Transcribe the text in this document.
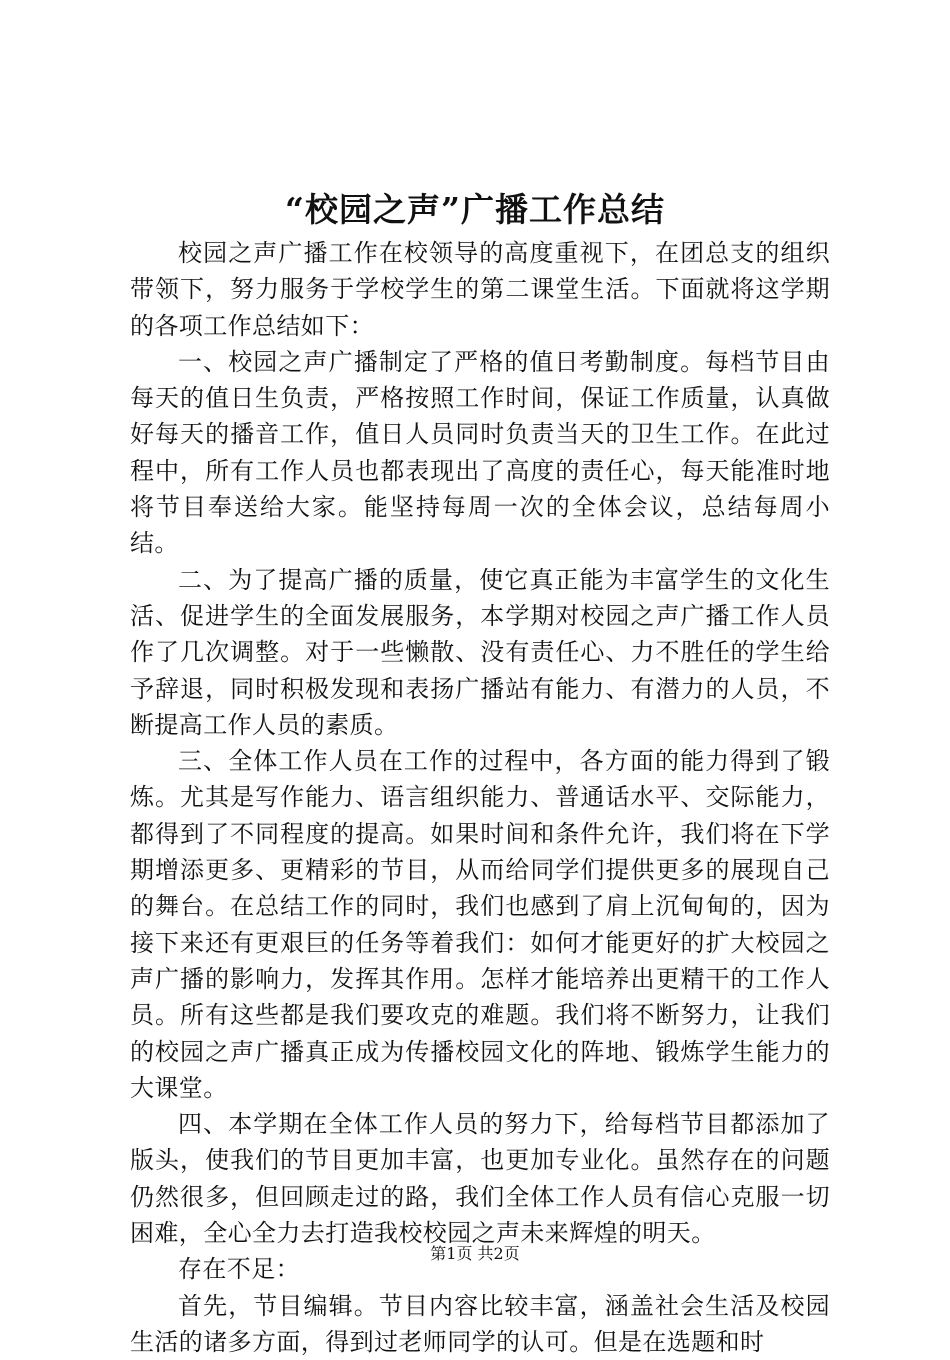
“校园之声”广播工作总结

校园之声广播工作在校领导的高度重视下，在团总支的组织带领下，努力服务于学校学生的第二课堂生活。下面就将这学期的各项工作总结如下：

一、校园之声广播制定了严格的值日考勤制度。每档节目由每天的值日生负责，严格按照工作时间，保证工作质量，认真做好每天的播音工作，值日人员同时负责当天的卫生工作。在此过程中，所有工作人员也都表现出了高度的责任心，每天能准时地将节目奉送给大家。能坚持每周一次的全体会议，总结每周小结。

二、为了提高广播的质量，使它真正能为丰富学生的文化生活、促进学生的全面发展服务，本学期对校园之声广播工作人员作了几次调整。对于一些懒散、没有责任心、力不胜任的学生给予辞退，同时积极发现和表扬广播站有能力、有潜力的人员，不断提高工作人员的素质。

三、全体工作人员在工作的过程中，各方面的能力得到了锻炼。尤其是写作能力、语言组织能力、普通话水平、交际能力，都得到了不同程度的提高。如果时间和条件允许，我们将在下学期增添更多、更精彩的节目，从而给同学们提供更多的展现自己的舞台。在总结工作的同时，我们也感到了肩上沉甸甸的，因为接下来还有更艰巨的任务等着我们：如何才能更好的扩大校园之声广播的影响力，发挥其作用。怎样才能培养出更精干的工作人员。所有这些都是我们要攻克的难题。我们将不断努力，让我们的校园之声广播真正成为传播校园文化的阵地、锻炼学生能力的大课堂。

四、本学期在全体工作人员的努力下，给每档节目都添加了版头，使我们的节目更加丰富，也更加专业化。虽然存在的问题仍然很多，但回顾走过的路，我们全体工作人员有信心克服一切困难，全心全力去打造我校校园之声未来辉煌的明天。

存在不足：

首先，节目编辑。节目内容比较丰富，涵盖社会生活及校园生活的诸多方面，得到过老师同学的认可。但是在选题和时

第1页 共2页
